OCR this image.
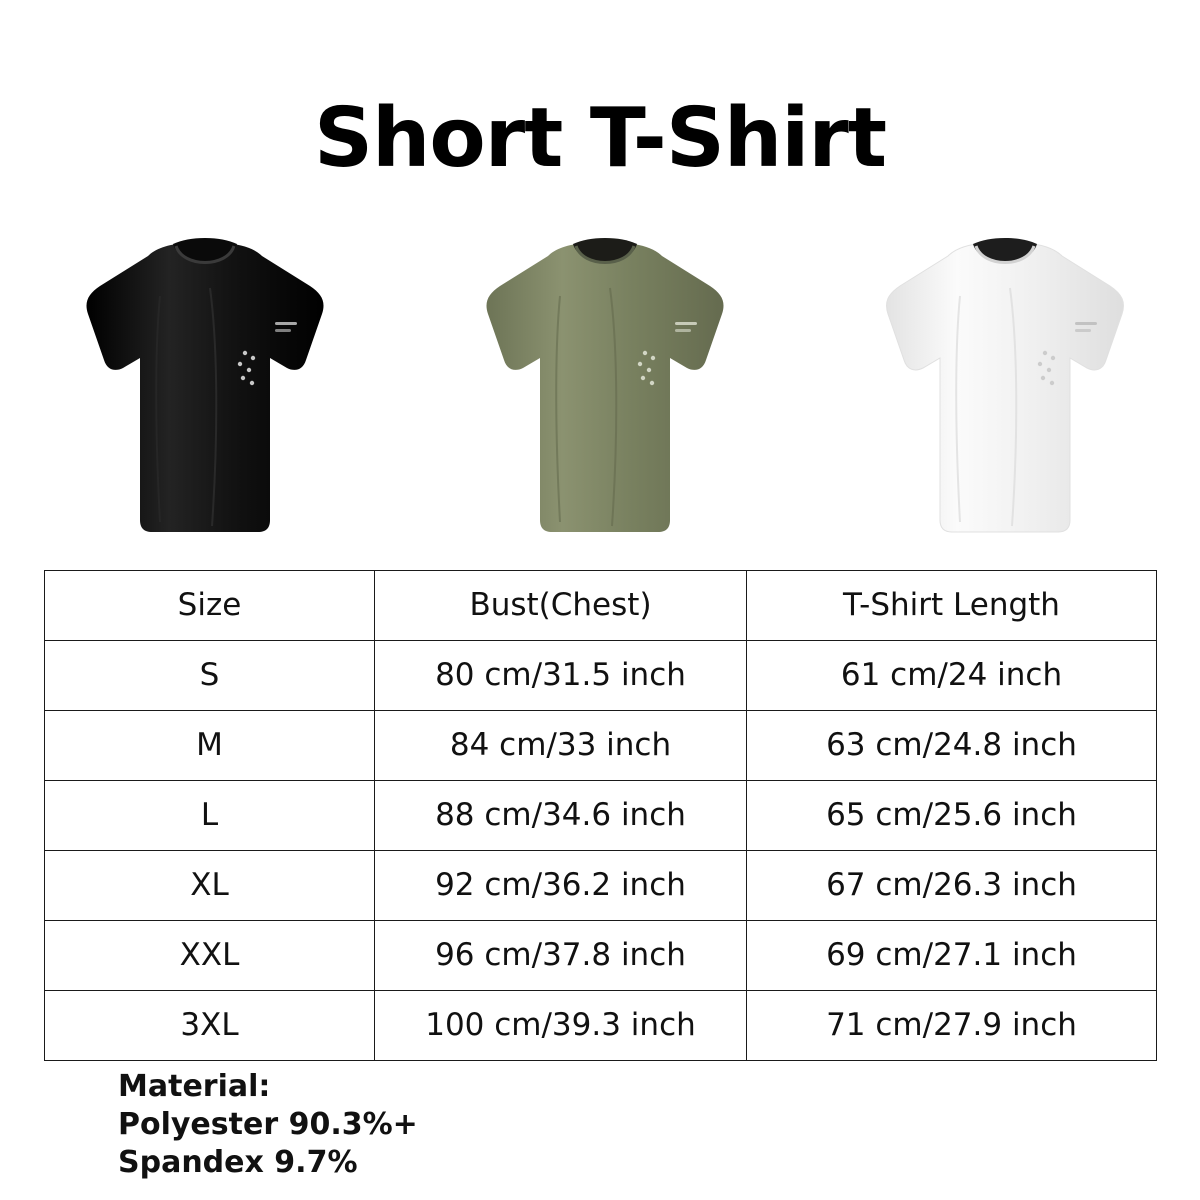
Short T-Shirt
Size	Bust(Chest)	T-Shirt Length
S	80 cm/31.5 inch	61 cm/24 inch
M	84 cm/33 inch	63 cm/24.8 inch
L	88 cm/34.6 inch	65 cm/25.6 inch
XL	92 cm/36.2 inch	67 cm/26.3 inch
XXL	96 cm/37.8 inch	69 cm/27.1 inch
3XL	100 cm/39.3 inch	71 cm/27.9 inch
Material:
Polyester 90.3%+
Spandex 9.7%
